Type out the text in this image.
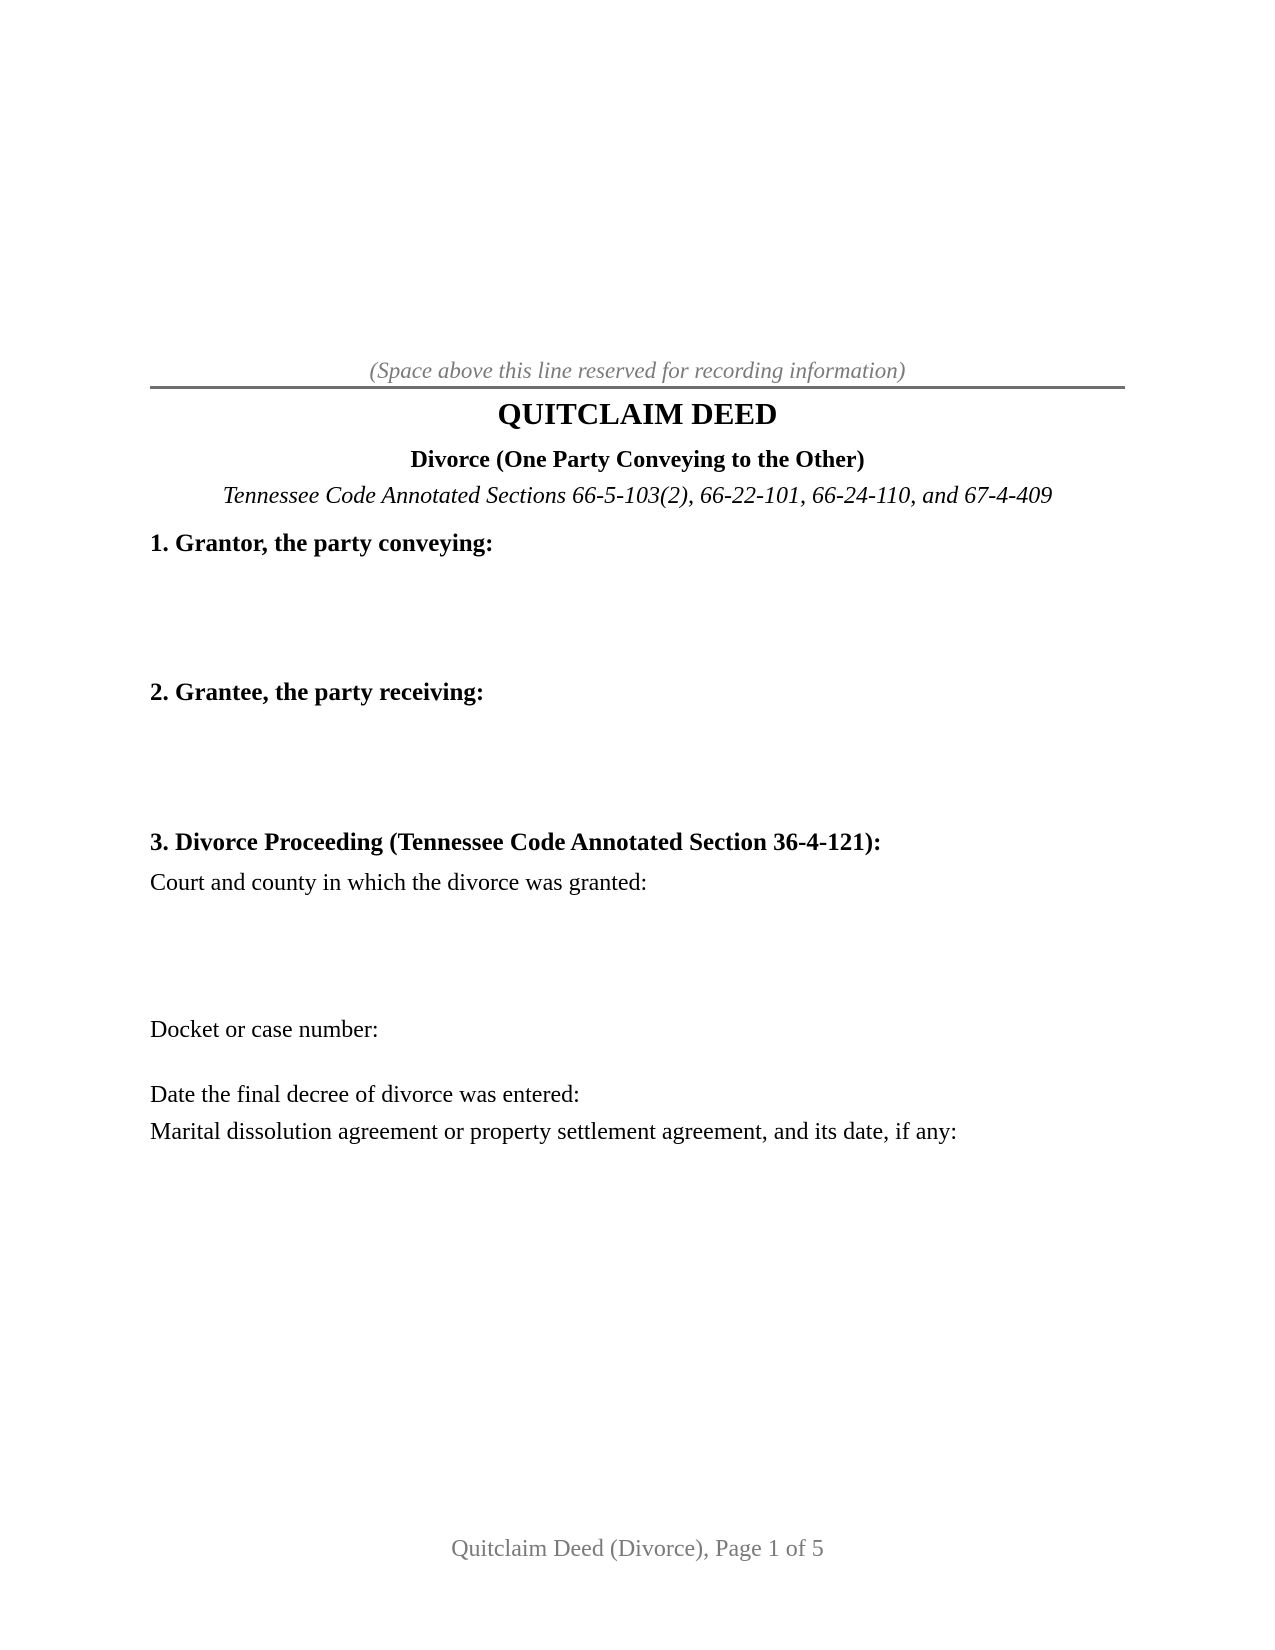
(Space above this line reserved for recording information)
QUITCLAIM DEED
Divorce (One Party Conveying to the Other)
Tennessee Code Annotated Sections 66-5-103(2), 66-22-101, 66-24-110, and 67-4-409
1. Grantor, the party conveying:
2. Grantee, the party receiving:
3. Divorce Proceeding (Tennessee Code Annotated Section 36-4-121):
Court and county in which the divorce was granted:
Docket or case number:
Date the final decree of divorce was entered:
Marital dissolution agreement or property settlement agreement, and its date, if any:
Quitclaim Deed (Divorce), Page 1 of 5
